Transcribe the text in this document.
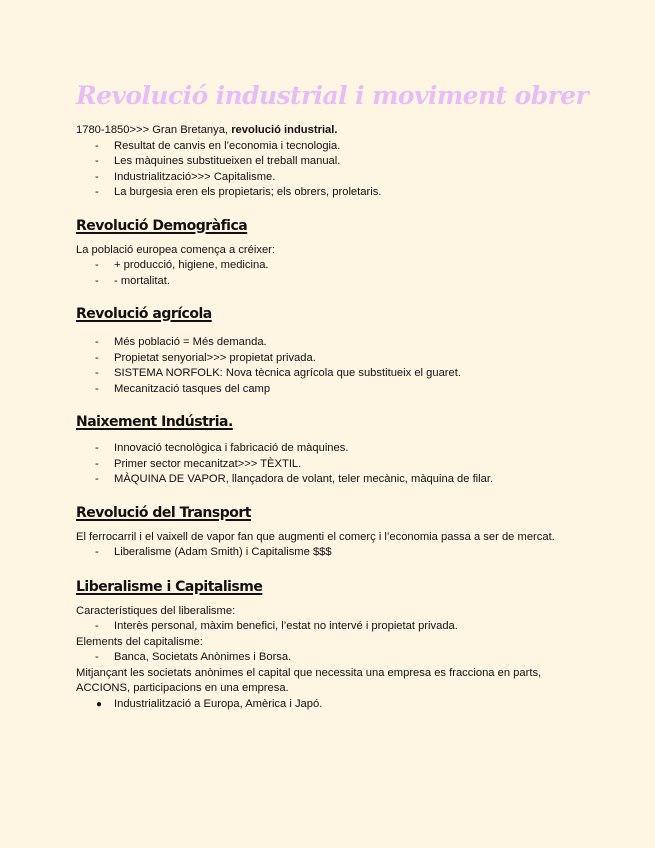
Revolució industrial i moviment obrer

1780-1850>>> Gran Bretanya, revolució industrial.

- Resultat de canvis en l’economia i tecnologia.
- Les màquines substitueixen el treball manual.
- Industrialització>>> Capitalisme.
- La burgesia eren els propietaris; els obrers, proletaris.
Revolució Demogràfica

La població europea comença a créixer:

- + producció, higiene, medicina.
- - mortalitat.
Revolució agrícola
- Més població = Més demanda.
- Propietat senyorial>>> propietat privada.
- SISTEMA NORFOLK: Nova tècnica agrícola que substitueix el guaret.
- Mecanització tasques del camp
Naixement Indústria.
- Innovació tecnològica i fabricació de màquines.
- Primer sector mecanitzat>>> TÈXTIL.
- MÀQUINA DE VAPOR, llançadora de volant, teler mecànic, màquina de filar.
Revolució del Transport

El ferrocarril i el vaixell de vapor fan que augmenti el comerç i l’economia passa a ser de mercat.

- Liberalisme (Adam Smith) i Capitalisme $$$
Liberalisme i Capitalisme

Característiques del liberalisme:

- Interès personal, màxim benefici, l’estat no intervé i propietat privada.

Elements del capitalisme:

- Banca, Societats Anònimes i Borsa.

Mitjançant les societats anònimes el capital que necessita una empresa es fracciona en parts, ACCIONS, participacions en una empresa.

● Industrialització a Europa, Amèrica i Japó.
